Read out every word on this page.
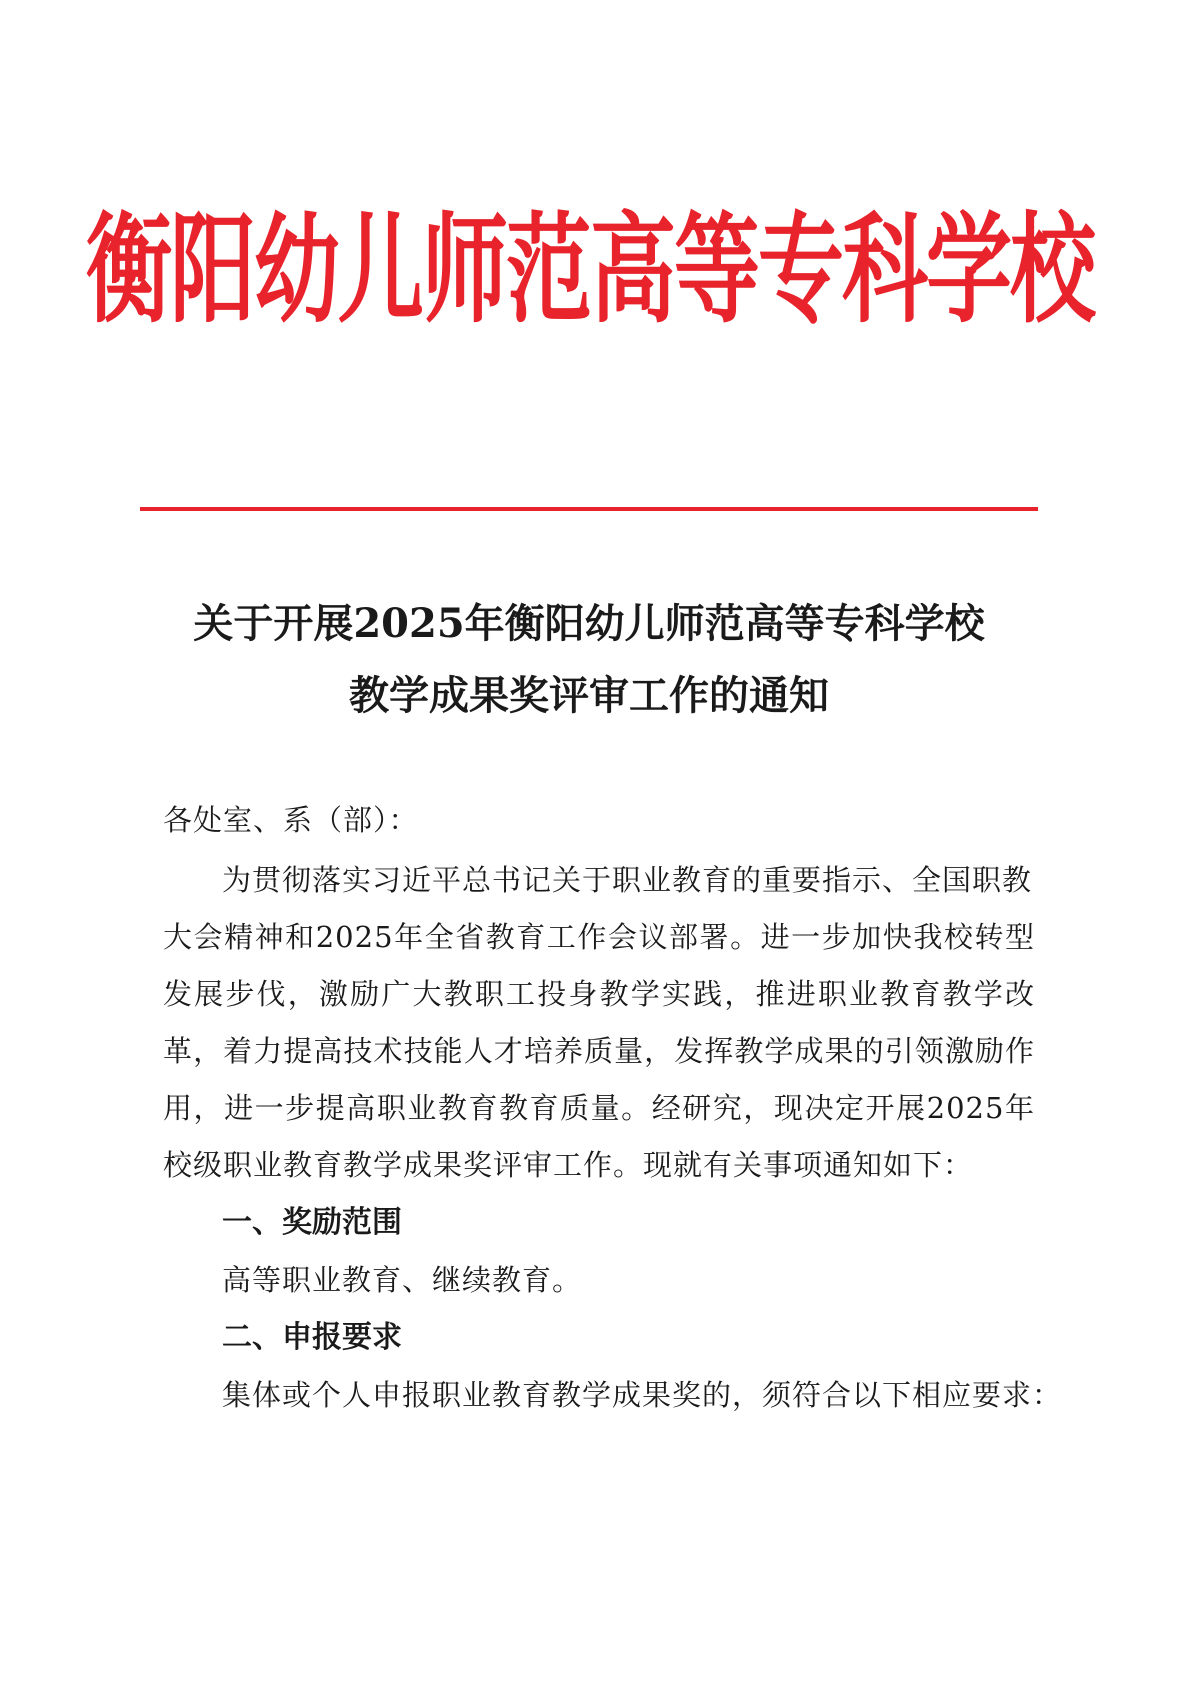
衡阳幼儿师范高等专科学校
关于开展2025年衡阳幼儿师范高等专科学校
教学成果奖评审工作的通知
各处室、系（部）：
为贯彻落实习近平总书记关于职业教育的重要指示、全国职教
大会精神和2025年全省教育工作会议部署。进一步加快我校转型
发展步伐，激励广大教职工投身教学实践，推进职业教育教学改
革，着力提高技术技能人才培养质量，发挥教学成果的引领激励作
用，进一步提高职业教育教育质量。经研究，现决定开展2025年
校级职业教育教学成果奖评审工作。现就有关事项通知如下：
一、奖励范围
高等职业教育、继续教育。
二、申报要求
集体或个人申报职业教育教学成果奖的，须符合以下相应要求：
